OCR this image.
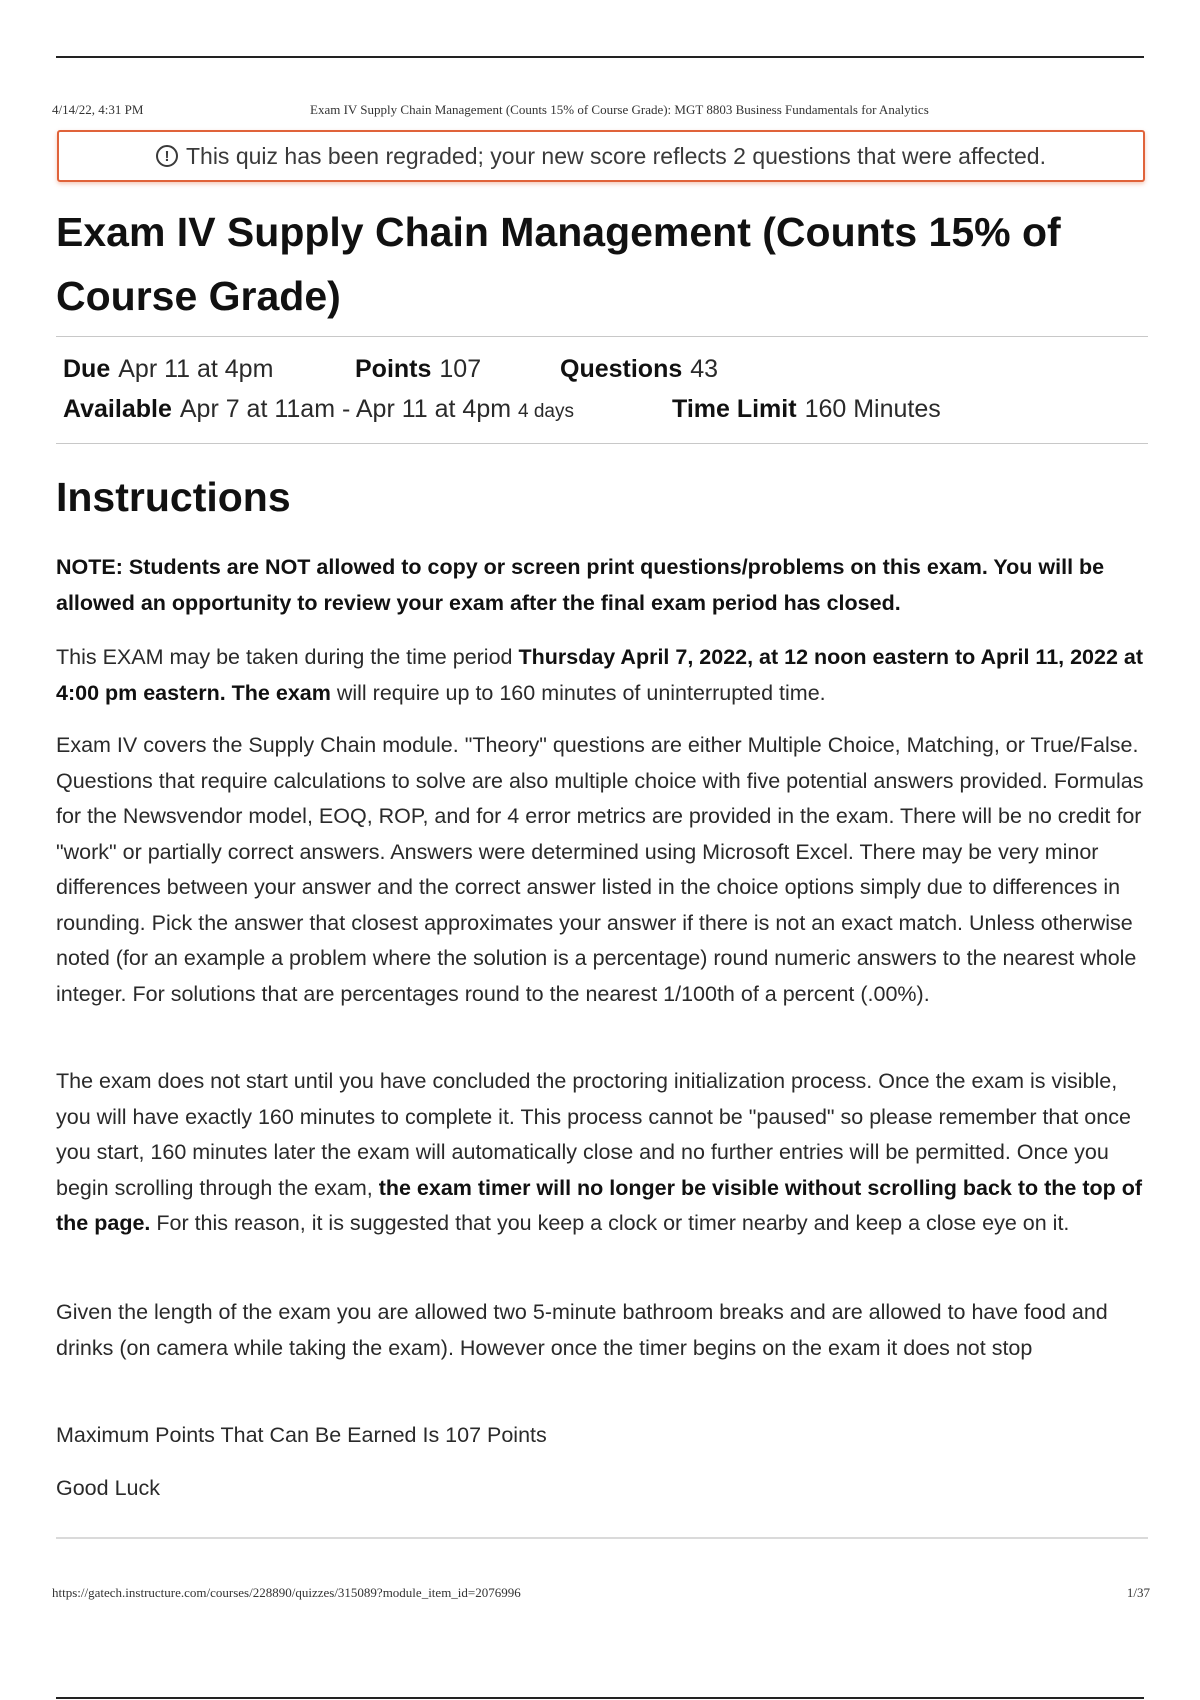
4/14/22, 4:31 PM	Exam IV Supply Chain Management (Counts 15% of Course Grade): MGT 8803 Business Fundamentals for Analytics
! This quiz has been regraded; your new score reflects 2 questions that were affected.
Exam IV Supply Chain Management (Counts 15% of Course Grade)
Due Apr 11 at 4pm	Points 107	Questions 43
Available Apr 7 at 11am - Apr 11 at 4pm 4 days	Time Limit 160 Minutes
Instructions
NOTE: Students are NOT allowed to copy or screen print questions/problems on this exam. You will be allowed an opportunity to review your exam after the final exam period has closed.
This EXAM may be taken during the time period Thursday April 7, 2022, at 12 noon eastern to April 11, 2022 at 4:00 pm eastern. The exam will require up to 160 minutes of uninterrupted time.
Exam IV covers the Supply Chain module. "Theory" questions are either Multiple Choice, Matching, or True/False. Questions that require calculations to solve are also multiple choice with five potential answers provided. Formulas for the Newsvendor model, EOQ, ROP, and for 4 error metrics are provided in the exam. There will be no credit for "work" or partially correct answers. Answers were determined using Microsoft Excel. There may be very minor differences between your answer and the correct answer listed in the choice options simply due to differences in rounding. Pick the answer that closest approximates your answer if there is not an exact match. Unless otherwise noted (for an example a problem where the solution is a percentage) round numeric answers to the nearest whole integer. For solutions that are percentages round to the nearest 1/100th of a percent (.00%).
The exam does not start until you have concluded the proctoring initialization process. Once the exam is visible, you will have exactly 160 minutes to complete it. This process cannot be "paused" so please remember that once you start, 160 minutes later the exam will automatically close and no further entries will be permitted. Once you begin scrolling through the exam, the exam timer will no longer be visible without scrolling back to the top of the page. For this reason, it is suggested that you keep a clock or timer nearby and keep a close eye on it.
Given the length of the exam you are allowed two 5-minute bathroom breaks and are allowed to have food and drinks (on camera while taking the exam). However once the timer begins on the exam it does not stop
Maximum Points That Can Be Earned Is 107 Points
Good Luck
https://gatech.instructure.com/courses/228890/quizzes/315089?module_item_id=2076996	1/37
